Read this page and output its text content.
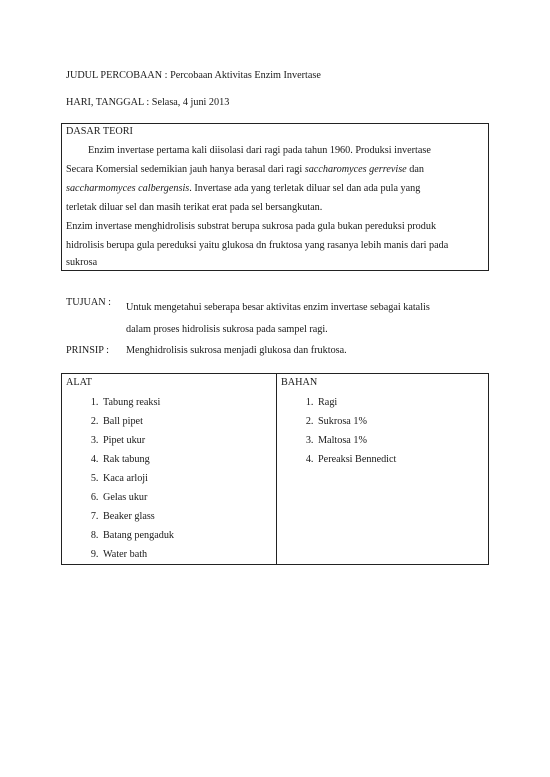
JUDUL PERCOBAAN : Percobaan Aktivitas Enzim Invertase
HARI, TANGGAL : Selasa, 4 juni 2013
DASAR TEORI
Enzim invertase pertama kali diisolasi dari ragi pada tahun 1960. Produksi invertase
Secara Komersial sedemikian jauh hanya berasal dari ragi saccharomyces gerrevise dan
saccharmomyces calbergensis. Invertase ada yang terletak diluar sel dan ada pula yang
terletak diluar sel dan masih terikat erat pada sel bersangkutan.
Enzim invertase menghidrolisis substrat berupa sukrosa pada gula bukan pereduksi produk
hidrolisis berupa gula pereduksi yaitu glukosa dn fruktosa yang rasanya lebih manis dari pada
sukrosa
TUJUAN : Untuk mengetahui seberapa besar aktivitas enzim invertase sebagai katalis
dalam proses hidrolisis sukrosa pada sampel ragi.
PRINSIP : Menghidrolisis sukrosa menjadi glukosa dan fruktosa.
ALAT
1. Tabung reaksi
2. Ball pipet
3. Pipet ukur
4. Rak tabung
5. Kaca arloji
6. Gelas ukur
7. Beaker glass
8. Batang pengaduk
9. Water bath

BAHAN
1. Ragi
2. Sukrosa 1%
3. Maltosa 1%
4. Pereaksi Bennedict
